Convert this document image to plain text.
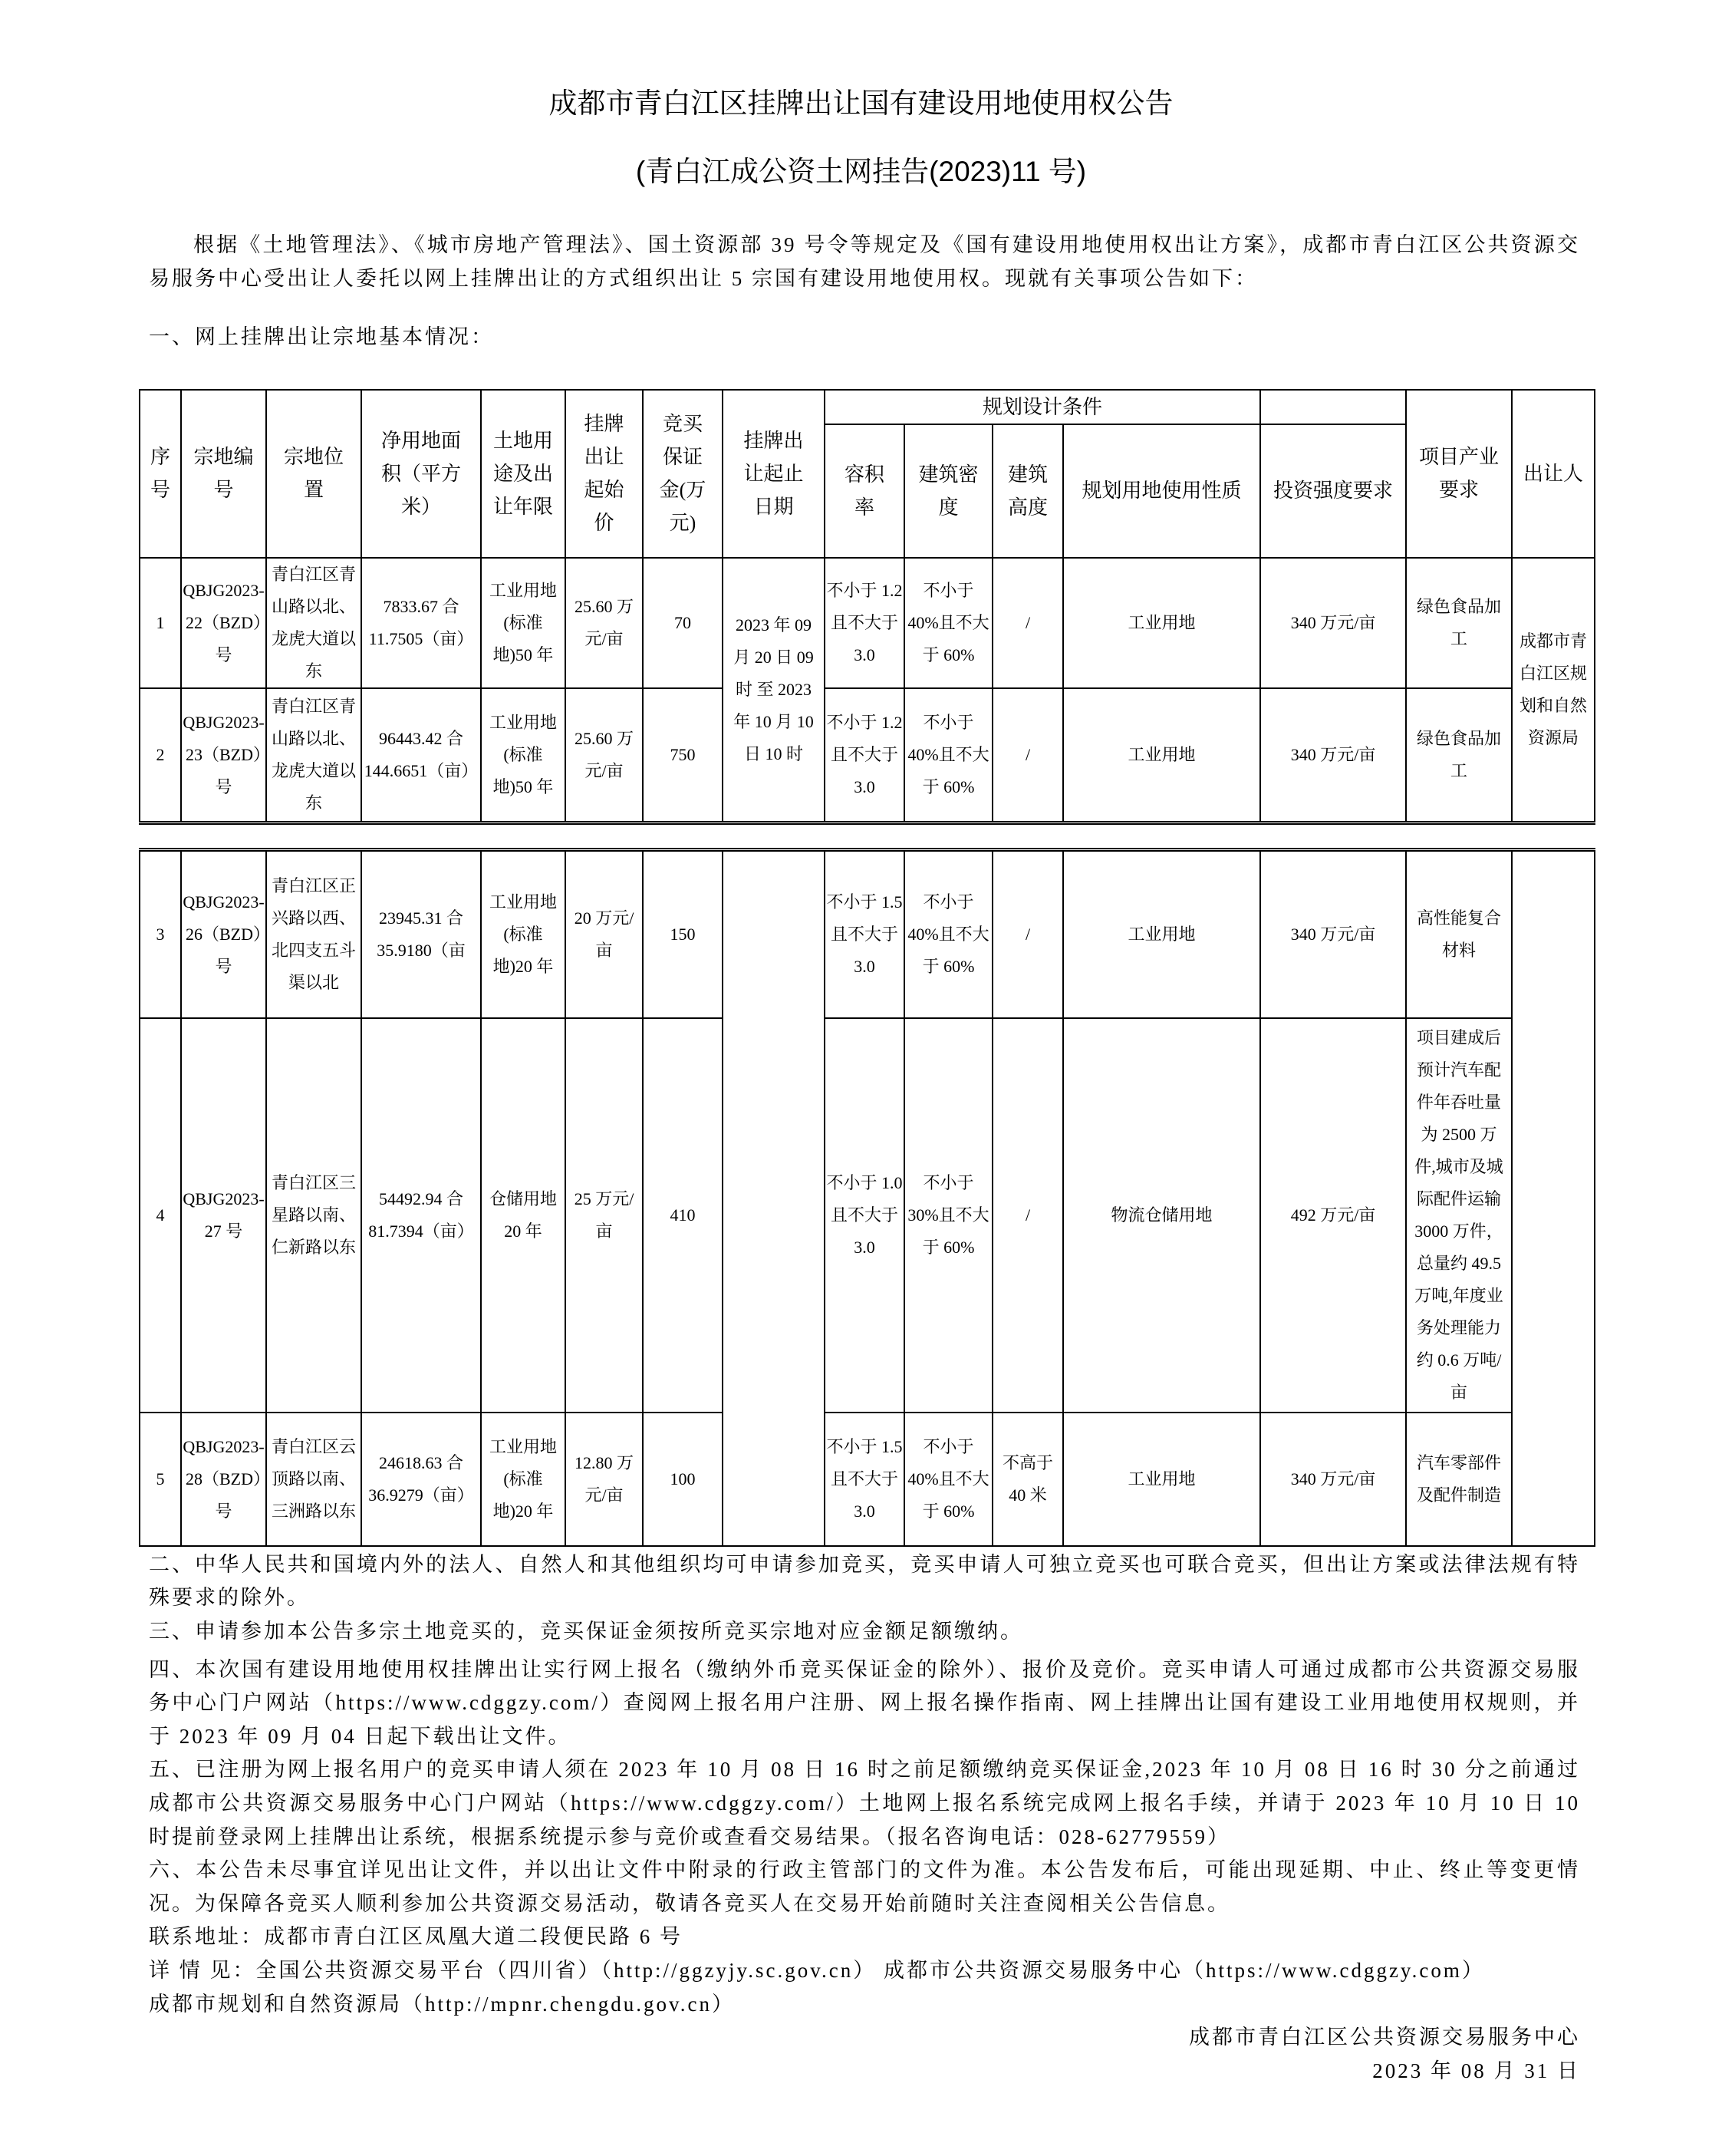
成都市青白江区挂牌出让国有建设用地使用权公告
(青白江成公资土网挂告(2023)11 号)
根据《土地管理法》、《城市房地产管理法》、国土资源部 39 号令等规定及《国有建设用地使用权出让方案》，成都市青白江区公共资源交易服务中心受出让人委托以网上挂牌出让的方式组织出让 5 宗国有建设用地使用权。现就有关事项公告如下：
一、网上挂牌出让宗地基本情况：
序号	宗地编号	宗地位置	净用地面积（平方米）	土地用途及出让年限	挂牌出让起始价	竞买保证金(万元)	挂牌出让起止日期	规划设计条件					项目产业要求	出让人
								容积率	建筑密度	建筑高度	规划用地使用性质	投资强度要求		
1	QBJG2023-22（BZD）号	青白江区青山路以北、龙虎大道以东	7833.67 合 11.7505（亩）	工业用地(标准地)50 年	25.60 万元/亩	70	2023 年 09 月 20 日 09 时 至 2023 年 10 月 10 日 10 时	不小于 1.2 且不大于 3.0	不小于 40%且不大于 60%	/	工业用地	340 万元/亩	绿色食品加工	成都市青白江区规划和自然资源局
2	QBJG2023-23（BZD）号	青白江区青山路以北、龙虎大道以东	96443.42 合 144.6651（亩）	工业用地(标准地)50 年	25.60 万元/亩	750		不小于 1.2 且不大于 3.0	不小于 40%且不大于 60%	/	工业用地	340 万元/亩	绿色食品加工	
3	QBJG2023-26（BZD）号	青白江区正兴路以西、北四支五斗渠以北	23945.31 合 35.9180（亩	工业用地(标准地)20 年	20 万元/亩	150		不小于 1.5 且不大于 3.0	不小于 40%且不大于 60%	/	工业用地	340 万元/亩	高性能复合材料	
4	QBJG2023-27 号	青白江区三星路以南、仁新路以东	54492.94 合 81.7394（亩）	仓储用地 20 年	25 万元/亩	410		不小于 1.0 且不大于 3.0	不小于 30%且不大于 60%	/	物流仓储用地	492 万元/亩	项目建成后预计汽车配件年吞吐量为 2500 万件,城市及城际配件运输 3000 万件，总量约 49.5 万吨,年度业务处理能力约 0.6 万吨/亩	
5	QBJG2023-28（BZD）号	青白江区云顶路以南、三洲路以东	24618.63 合 36.9279（亩）	工业用地(标准地)20 年	12.80 万元/亩	100		不小于 1.5 且不大于 3.0	不小于 40%且不大于 60%	不高于 40 米	工业用地	340 万元/亩	汽车零部件及配件制造	
二、中华人民共和国境内外的法人、自然人和其他组织均可申请参加竞买，竞买申请人可独立竞买也可联合竞买，但出让方案或法律法规有特殊要求的除外。
三、申请参加本公告多宗土地竞买的，竞买保证金须按所竞买宗地对应金额足额缴纳。
四、本次国有建设用地使用权挂牌出让实行网上报名（缴纳外币竞买保证金的除外）、报价及竞价。竞买申请人可通过成都市公共资源交易服务中心门户网站（https://www.cdggzy.com/）查阅网上报名用户注册、网上报名操作指南、网上挂牌出让国有建设工业用地使用权规则，并于 2023 年 09 月 04 日起下载出让文件。
五、已注册为网上报名用户的竞买申请人须在 2023 年 10 月 08 日 16 时之前足额缴纳竞买保证金,2023 年 10 月 08 日 16 时 30 分之前通过成都市公共资源交易服务中心门户网站（https://www.cdggzy.com/）土地网上报名系统完成网上报名手续，并请于 2023 年 10 月 10 日 10 时提前登录网上挂牌出让系统，根据系统提示参与竞价或查看交易结果。（报名咨询电话：028-62779559）
六、本公告未尽事宜详见出让文件，并以出让文件中附录的行政主管部门的文件为准。本公告发布后，可能出现延期、中止、终止等变更情况。为保障各竞买人顺利参加公共资源交易活动，敬请各竞买人在交易开始前随时关注查阅相关公告信息。
联系地址：成都市青白江区凤凰大道二段便民路 6 号
详 情 见：全国公共资源交易平台（四川省）（http://ggzyjy.sc.gov.cn） 成都市公共资源交易服务中心（https://www.cdggzy.com）
成都市规划和自然资源局（http://mpnr.chengdu.gov.cn）
成都市青白江区公共资源交易服务中心
2023 年 08 月 31 日
